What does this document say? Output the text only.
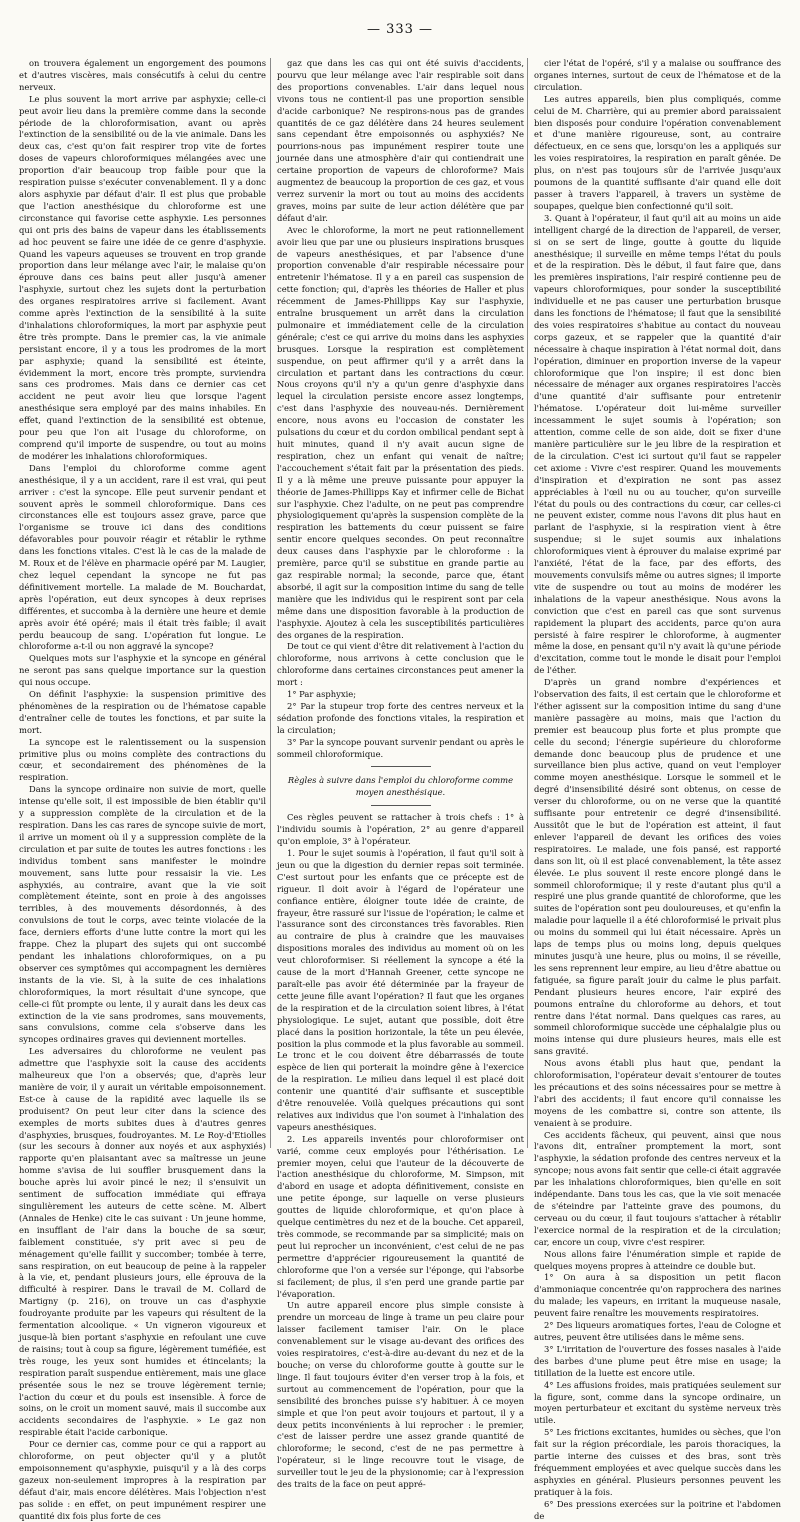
— 333 —

on trouvera également un engorgement des poumons et d'autres viscères, mais consécutifs à celui du centre nerveux.

Le plus souvent la mort arrive par asphyxie; celle-ci peut avoir lieu dans la première comme dans la seconde période de la chloroformisation, avant ou après l'extinction de la sensibilité ou de la vie animale. Dans les deux cas, c'est qu'on fait respirer trop vite de fortes doses de vapeurs chloroformiques mélangées avec une proportion d'air beaucoup trop faible pour que la respiration puisse s'exécuter convenablement. Il y a donc alors asphyxie par défaut d'air. Il est plus que probable que l'action anesthésique du chloroforme est une circonstance qui favorise cette asphyxie. Les personnes qui ont pris des bains de vapeur dans les établissements ad hoc peuvent se faire une idée de ce genre d'asphyxie. Quand les vapeurs aqueuses se trouvent en trop grande proportion dans leur mélange avec l'air, le malaise qu'on éprouve dans ces bains peut aller jusqu'à amener l'asphyxie, surtout chez les sujets dont la perturbation des organes respiratoires arrive si facilement. Avant comme après l'extinction de la sensibilité à la suite d'inhalations chloroformiques, la mort par asphyxie peut être très prompte. Dans le premier cas, la vie animale persistant encore, il y a tous les prodromes de la mort par asphyxie; quand la sensibilité est éteinte, évidemment la mort, encore très prompte, surviendra sans ces prodromes. Mais dans ce dernier cas cet accident ne peut avoir lieu que lorsque l'agent anesthésique sera employé par des mains inhabiles. En effet, quand l'extinction de la sensibilité est obtenue, pour peu que l'on ait l'usage du chloroforme, on comprend qu'il importe de suspendre, ou tout au moins de modérer les inhalations chloroformiques.

Dans l'emploi du chloroforme comme agent anesthésique, il y a un accident, rare il est vrai, qui peut arriver : c'est la syncope. Elle peut survenir pendant et souvent après le sommeil chloroformique. Dans ces circonstances elle est toujours assez grave, parce que l'organisme se trouve ici dans des conditions défavorables pour pouvoir réagir et rétablir le rythme dans les fonctions vitales. C'est là le cas de la malade de M. Roux et de l'élève en pharmacie opéré par M. Laugier, chez lequel cependant la syncope ne fut pas définitivement mortelle. La malade de M. Bouchardat, après l'opération, eut deux syncopes à deux reprises différentes, et succomba à la dernière une heure et demie après avoir été opéré; mais il était très faible; il avait perdu beaucoup de sang. L'opération fut longue. Le chloroforme a-t-il ou non aggravé la syncope?

Quelques mots sur l'asphyxie et la syncope en général ne seront pas sans quelque importance sur la question qui nous occupe.

On définit l'asphyxie: la suspension primitive des phénomènes de la respiration ou de l'hématose capable d'entraîner celle de toutes les fonctions, et par suite la mort.

La syncope est le ralentissement ou la suspension primitive plus ou moins complète des contractions du cœur, et secondairement des phénomènes de la respiration.

Dans la syncope ordinaire non suivie de mort, quelle intense qu'elle soit, il est impossible de bien établir qu'il y a suppression complète de la circulation et de la respiration. Dans les cas rares de syncope suivie de mort, il arrive un moment où il y a suppression complète de la circulation et par suite de toutes les autres fonctions : les individus tombent sans manifester le moindre mouvement, sans lutte pour ressaisir la vie. Les asphyxiés, au contraire, avant que la vie soit complètement éteinte, sont en proie à des angoisses terribles, à des mouvements désordonnés, à des convulsions de tout le corps, avec teinte violacée de la face, derniers efforts d'une lutte contre la mort qui les frappe. Chez la plupart des sujets qui ont succombé pendant les inhalations chloroformiques, on a pu observer ces symptômes qui accompagnent les dernières instants de la vie. Si, à la suite de ces inhalations chloroformiques, la mort résultait d'une syncope, que celle-ci fût prompte ou lente, il y aurait dans les deux cas extinction de la vie sans prodromes, sans mouvements, sans convulsions, comme cela s'observe dans les syncopes ordinaires graves qui deviennent mortelles.

Les adversaires du chloroforme ne veulent pas admettre que l'asphyxie soit la cause des accidents malheureux que l'on a observés; que, d'après leur manière de voir, il y aurait un véritable empoisonnement. Est-ce à cause de la rapidité avec laquelle ils se produisent? On peut leur citer dans la science des exemples de morts subites dues à d'autres genres d'asphyxies, brusques, foudroyantes. M. Le Roy-d'Etiolles (sur les secours à donner aux noyés et aux asphyxiés) rapporte qu'en plaisantant avec sa maîtresse un jeune homme s'avisa de lui souffler brusquement dans la bouche après lui avoir pincé le nez; il s'ensuivit un sentiment de suffocation immédiate qui effraya singulièrement les auteurs de cette scène. M. Albert (Annales de Henke) cite le cas suivant : Un jeune homme, en insufflant de l'air dans la bouche de sa sœur, faiblement constituée, s'y prit avec si peu de ménagement qu'elle faillit y succomber; tombée à terre, sans respiration, on eut beaucoup de peine à la rappeler à la vie, et, pendant plusieurs jours, elle éprouva de la difficulté à respirer. Dans le travail de M. Collard de Martigny (p. 216), on trouve un cas d'asphyxie foudroyante produite par les vapeurs qui résultent de la fermentation alcoolique. « Un vigneron vigoureux et jusque-là bien portant s'asphyxie en refoulant une cuve de raisins; tout à coup sa figure, légèrement tuméfiée, est très rouge, les yeux sont humides et étincelants; la respiration paraît suspendue entièrement, mais une glace présentée sous le nez se trouve légèrement ternie; l'action du cœur et du pouls est insensible. À force de soins, on le croit un moment sauvé, mais il succombe aux accidents secondaires de l'asphyxie. » Le gaz non respirable était l'acide carbonique.

Pour ce dernier cas, comme pour ce qui a rapport au chloroforme, on peut objecter qu'il y a plutôt empoisonnement qu'asphyxie, puisqu'il y a là des corps gazeux non-seulement impropres à la respiration par défaut d'air, mais encore délétères. Mais l'objection n'est pas solide : en effet, on peut impunément respirer une quantité dix fois plus forte de ces

gaz que dans les cas qui ont été suivis d'accidents, pourvu que leur mélange avec l'air respirable soit dans des proportions convenables. L'air dans lequel nous vivons tous ne contient-il pas une proportion sensible d'acide carbonique? Ne respirons-nous pas de grandes quantités de ce gaz délétère dans 24 heures seulement sans cependant être empoisonnés ou asphyxiés? Ne pourrions-nous pas impunément respirer toute une journée dans une atmosphère d'air qui contiendrait une certaine proportion de vapeurs de chloroforme? Mais augmentez de beaucoup la proportion de ces gaz, et vous verrez survenir la mort ou tout au moins des accidents graves, moins par suite de leur action délétère que par défaut d'air.

Avec le chloroforme, la mort ne peut rationnellement avoir lieu que par une ou plusieurs inspirations brusques de vapeurs anesthésiques, et par l'absence d'une proportion convenable d'air respirable nécessaire pour entretenir l'hématose. Il y a en pareil cas suspension de cette fonction; qui, d'après les théories de Haller et plus récemment de James-Phillipps Kay sur l'asphyxie, entraîne brusquement un arrêt dans la circulation pulmonaire et immédiatement celle de la circulation générale; c'est ce qui arrive du moins dans les asphyxies brusques. Lorsque la respiration est complètement suspendue, on peut affirmer qu'il y a arrêt dans la circulation et partant dans les contractions du cœur. Nous croyons qu'il n'y a qu'un genre d'asphyxie dans lequel la circulation persiste encore assez longtemps, c'est dans l'asphyxie des nouveau-nés. Dernièrement encore, nous avons eu l'occasion de constater les pulsations du cœur et du cordon ombilical pendant sept à huit minutes, quand il n'y avait aucun signe de respiration, chez un enfant qui venait de naître; l'accouchement s'était fait par la présentation des pieds. Il y a là même une preuve puissante pour appuyer la théorie de James-Phillipps Kay et infirmer celle de Bichat sur l'asphyxie. Chez l'adulte, on ne peut pas comprendre physiologiquement qu'après la suspension complète de la respiration les battements du cœur puissent se faire sentir encore quelques secondes. On peut reconnaître deux causes dans l'asphyxie par le chloroforme : la première, parce qu'il se substitue en grande partie au gaz respirable normal; la seconde, parce que, étant absorbé, il agit sur la composition intime du sang de telle manière que les individus qui le respirent sont par cela même dans une disposition favorable à la production de l'asphyxie. Ajoutez à cela les susceptibilités particulières des organes de la respiration.

De tout ce qui vient d'être dit relativement à l'action du chloroforme, nous arrivons à cette conclusion que le chloroforme dans certaines circonstances peut amener la mort :

1° Par asphyxie;

2° Par la stupeur trop forte des centres nerveux et la sédation profonde des fonctions vitales, la respiration et la circulation;

3° Par la syncope pouvant survenir pendant ou après le sommeil chloroformique.

Règles à suivre dans l'emploi du chloroforme comme moyen anesthésique.

Ces règles peuvent se rattacher à trois chefs : 1° à l'individu soumis à l'opération, 2° au genre d'appareil qu'on emploie, 3° à l'opérateur.

1. Pour le sujet soumis à l'opération, il faut qu'il soit à jeun ou que la digestion du dernier repas soit terminée. C'est surtout pour les enfants que ce précepte est de rigueur. Il doit avoir à l'égard de l'opérateur une confiance entière, éloigner toute idée de crainte, de frayeur, être rassuré sur l'issue de l'opération; le calme et l'assurance sont des circonstances très favorables. Rien au contraire de plus à craindre que les mauvaises dispositions morales des individus au moment où on les veut chloroformiser. Si réellement la syncope a été la cause de la mort d'Hannah Greener, cette syncope ne paraît-elle pas avoir été déterminée par la frayeur de cette jeune fille avant l'opération? Il faut que les organes de la respiration et de la circulation soient libres, à l'état physiologique. Le sujet, autant que possible, doit être placé dans la position horizontale, la tête un peu élevée, position la plus commode et la plus favorable au sommeil. Le tronc et le cou doivent être débarrassés de toute espèce de lien qui porterait la moindre gêne à l'exercice de la respiration. Le milieu dans lequel il est placé doit contenir une quantité d'air suffisante et susceptible d'être renouvelée. Voilà quelques précautions qui sont relatives aux individus que l'on soumet à l'inhalation des vapeurs anesthésiques.

2. Les appareils inventés pour chloroformiser ont varié, comme ceux employés pour l'éthérisation. Le premier moyen, celui que l'auteur de la découverte de l'action anesthésique du chloroforme, M. Simpson, mit d'abord en usage et adopta définitivement, consiste en une petite éponge, sur laquelle on verse plusieurs gouttes de liquide chloroformique, et qu'on place à quelque centimètres du nez et de la bouche. Cet appareil, très commode, se recommande par sa simplicité; mais on peut lui reprocher un inconvénient, c'est celui de ne pas permettre d'apprécier rigoureusement la quantité de chloroforme que l'on a versée sur l'éponge, qui l'absorbe si facilement; de plus, il s'en perd une grande partie par l'évaporation.

Un autre appareil encore plus simple consiste à prendre un morceau de linge à trame un peu claire pour laisser facilement tamiser l'air. On le place convenablement sur le visage au-devant des orifices des voies respiratoires, c'est-à-dire au-devant du nez et de la bouche; on verse du chloroforme goutte à goutte sur le linge. Il faut toujours éviter d'en verser trop à la fois, et surtout au commencement de l'opération, pour que la sensibilité des bronches puisse s'y habituer. À ce moyen simple et que l'on peut avoir toujours et partout, il y a deux petits inconvénients à lui reprocher : le premier, c'est de laisser perdre une assez grande quantité de chloroforme; le second, c'est de ne pas permettre à l'opérateur, si le linge recouvre tout le visage, de surveiller tout le jeu de la physionomie; car à l'expression des traits de la face on peut appré-

cier l'état de l'opéré, s'il y a malaise ou souffrance des organes internes, surtout de ceux de l'hématose et de la circulation.

Les autres appareils, bien plus compliqués, comme celui de M. Charrière, qui au premier abord paraissaient bien disposés pour conduire l'opération convenablement et d'une manière rigoureuse, sont, au contraire défectueux, en ce sens que, lorsqu'on les a appliqués sur les voies respiratoires, la respiration en paraît gênée. De plus, on n'est pas toujours sûr de l'arrivée jusqu'aux poumons de la quantité suffisante d'air quand elle doit passer à travers l'appareil, à travers un système de soupapes, quelque bien confectionné qu'il soit.

3. Quant à l'opérateur, il faut qu'il ait au moins un aide intelligent chargé de la direction de l'appareil, de verser, si on se sert de linge, goutte à goutte du liquide anesthésique; il surveille en même temps l'état du pouls et de la respiration. Dès le début, il faut faire que, dans les premières inspirations, l'air respiré contienne peu de vapeurs chloroformiques, pour sonder la susceptibilité individuelle et ne pas causer une perturbation brusque dans les fonctions de l'hématose; il faut que la sensibilité des voies respiratoires s'habitue au contact du nouveau corps gazeux, et se rappeler que la quantité d'air nécessaire à chaque inspiration à l'état normal doit, dans l'opération, diminuer en proportion inverse de la vapeur chloroformique que l'on inspire; il est donc bien nécessaire de ménager aux organes respiratoires l'accès d'une quantité d'air suffisante pour entretenir l'hématose. L'opérateur doit lui-même surveiller incessamment le sujet soumis à l'opération; son attention, comme celle de son aide, doit se fixer d'une manière particulière sur le jeu libre de la respiration et de la circulation. C'est ici surtout qu'il faut se rappeler cet axiome : Vivre c'est respirer. Quand les mouvements d'inspiration et d'expiration ne sont pas assez appréciables à l'œil nu ou au toucher, qu'on surveille l'état du pouls ou des contractions du cœur, car celles-ci ne peuvent exister, comme nous l'avons dit plus haut en parlant de l'asphyxie, si la respiration vient à être suspendue; si le sujet soumis aux inhalations chloroformiques vient à éprouver du malaise exprimé par l'anxiété, l'état de la face, par des efforts, des mouvements convulsifs même ou autres signes; il importe vite de suspendre ou tout au moins de modérer les inhalations de la vapeur anesthésique. Nous avons la conviction que c'est en pareil cas que sont survenus rapidement la plupart des accidents, parce qu'on aura persisté à faire respirer le chloroforme, à augmenter même la dose, en pensant qu'il n'y avait là qu'une période d'excitation, comme tout le monde le disait pour l'emploi de l'éther.

D'après un grand nombre d'expériences et l'observation des faits, il est certain que le chloroforme et l'éther agissent sur la composition intime du sang d'une manière passagère au moins, mais que l'action du premier est beaucoup plus forte et plus prompte que celle du second; l'énergie supérieure du chloroforme demande donc beaucoup plus de prudence et une surveillance bien plus active, quand on veut l'employer comme moyen anesthésique. Lorsque le sommeil et le degré d'insensibilité désiré sont obtenus, on cesse de verser du chloroforme, ou on ne verse que la quantité suffisante pour entretenir ce degré d'insensibilité. Aussitôt que le but de l'opération est atteint, il faut enlever l'appareil de devant les orifices des voies respiratoires. Le malade, une fois pansé, est rapporté dans son lit, où il est placé convenablement, la tête assez élevée. Le plus souvent il reste encore plongé dans le sommeil chloroformique; il y reste d'autant plus qu'il a respiré une plus grande quantité de chloroforme, que les suites de l'opération sont peu douloureuses, et qu'enfin la maladie pour laquelle il a été chloroformisé le privait plus ou moins du sommeil qui lui était nécessaire. Après un laps de temps plus ou moins long, depuis quelques minutes jusqu'à une heure, plus ou moins, il se réveille, les sens reprennent leur empire, au lieu d'être abattue ou fatiguée, sa figure paraît jouir du calme le plus parfait. Pendant plusieurs heures encore, l'air expiré des poumons entraîne du chloroforme au dehors, et tout rentre dans l'état normal. Dans quelques cas rares, au sommeil chloroformique succède une céphalalgie plus ou moins intense qui dure plusieurs heures, mais elle est sans gravité.

Nous avons établi plus haut que, pendant la chloroformisation, l'opérateur devait s'entourer de toutes les précautions et des soins nécessaires pour se mettre à l'abri des accidents; il faut encore qu'il connaisse les moyens de les combattre si, contre son attente, ils venaient à se produire.

Ces accidents fâcheux, qui peuvent, ainsi que nous l'avons dit, entraîner promptement la mort, sont l'asphyxie, la sédation profonde des centres nerveux et la syncope; nous avons fait sentir que celle-ci était aggravée par les inhalations chloroformiques, bien qu'elle en soit indépendante. Dans tous les cas, que la vie soit menacée de s'éteindre par l'atteinte grave des poumons, du cerveau ou du cœur, il faut toujours s'attacher à rétablir l'exercice normal de la respiration et de la circulation; car, encore un coup, vivre c'est respirer.

Nous allons faire l'énumération simple et rapide de quelques moyens propres à atteindre ce double but.

1° On aura à sa disposition un petit flacon d'ammoniaque concentrée qu'on rapprochera des narines du malade; les vapeurs, en irritant la muqueuse nasale, peuvent faire renaître les mouvements respiratoires.

2° Des liqueurs aromatiques fortes, l'eau de Cologne et autres, peuvent être utilisées dans le même sens.

3° L'irritation de l'ouverture des fosses nasales à l'aide des barbes d'une plume peut être mise en usage; la titillation de la luette est encore utile.

4° Les affusions froides, mais pratiquées seulement sur la figure, sont, comme dans la syncope ordinaire, un moyen perturbateur et excitant du système nerveux très utile.

5° Les frictions excitantes, humides ou sèches, que l'on fait sur la région précordiale, les parois thoraciques, la partie interne des cuisses et des bras, sont très fréquemment employées et avec quelque succès dans les asphyxies en général. Plusieurs personnes peuvent les pratiquer à la fois.

6° Des pressions exercées sur la poitrine et l'abdomen de
